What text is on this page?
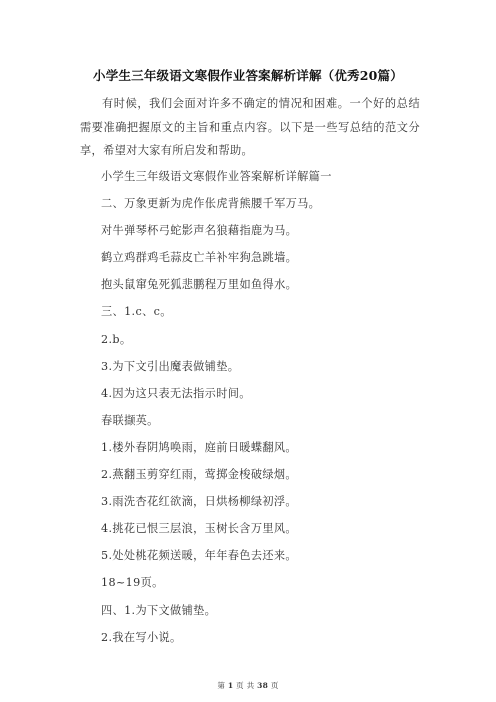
小学生三年级语文寒假作业答案解析详解（优秀20篇）

有时候，我们会面对许多不确定的情况和困难。一个好的总结需要准确把握原文的主旨和重点内容。以下是一些写总结的范文分享，希望对大家有所启发和帮助。

小学生三年级语文寒假作业答案解析详解篇一
二、万象更新为虎作伥虎背熊腰千军万马。
对牛弹琴杯弓蛇影声名狼藉指鹿为马。
鹤立鸡群鸡毛蒜皮亡羊补牢狗急跳墙。
抱头鼠窜兔死狐悲鹏程万里如鱼得水。
三、1.c、c。
2.b。
3.为下文引出魔表做铺垫。
4.因为这只表无法指示时间。
春联撷英。
1.楼外春阴鸠唤雨，庭前日暖蝶翻风。
2.燕翻玉剪穿红雨，莺掷金梭破绿烟。
3.雨洗杏花红欲滴，日烘杨柳绿初浮。
4.挑花已恨三层浪，玉树长含万里风。
5.处处桃花频送暖，年年春色去还来。
18~19页。
四、1.为下文做铺垫。
2.我在写小说。
第 1 页 共 38 页
